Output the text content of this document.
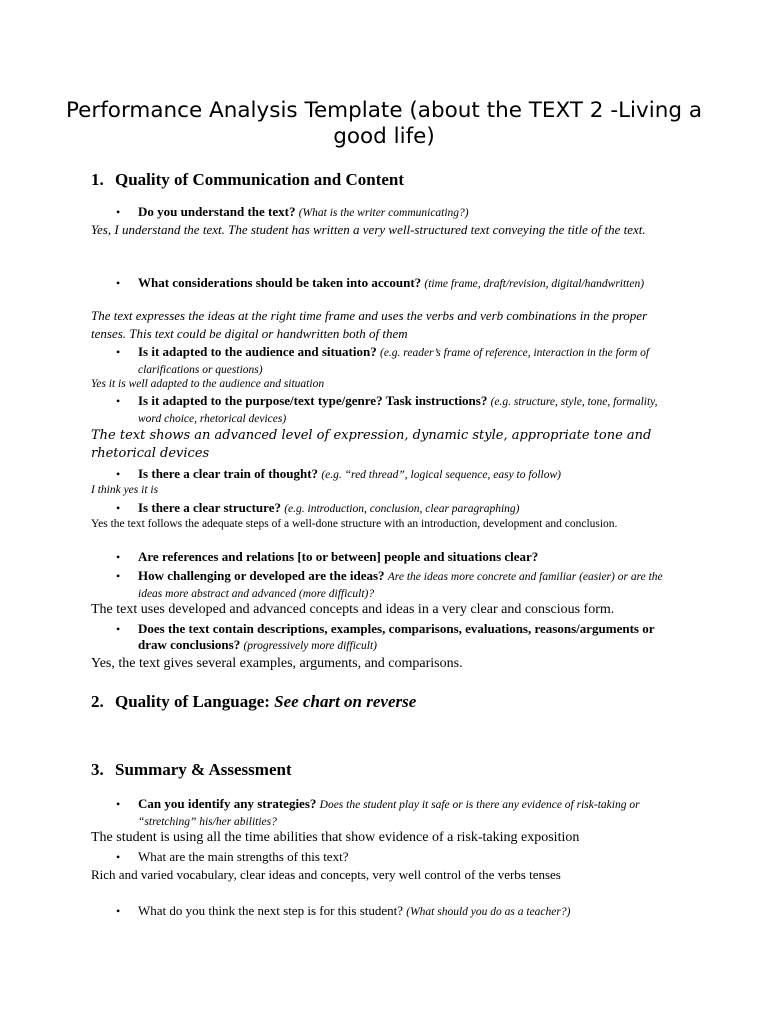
Performance Analysis Template (about the TEXT 2 -Living a good life)
1. Quality of Communication and Content
• Do you understand the text? (What is the writer communicating?)

Yes, I understand the text. The student has written a very well-structured text conveying the title of the text.

• What considerations should be taken into account? (time frame, draft/revision, digital/handwritten)

The text expresses the ideas at the right time frame and uses the verbs and verb combinations in the proper tenses. This text could be digital or handwritten both of them

• Is it adapted to the audience and situation? (e.g. reader’s frame of reference, interaction in the form of clarifications or questions)

Yes it is well adapted to the audience and situation

• Is it adapted to the purpose/text type/genre? Task instructions? (e.g. structure, style, tone, formality, word choice, rhetorical devices)

The text shows an advanced level of expression, dynamic style, appropriate tone and rhetorical devices

• Is there a clear train of thought? (e.g. “red thread”, logical sequence, easy to follow)

I think yes it is

• Is there a clear structure? (e.g. introduction, conclusion, clear paragraphing)

Yes the text follows the adequate steps of a well-done structure with an introduction, development and conclusion.

• Are references and relations [to or between] people and situations clear?
• How challenging or developed are the ideas? Are the ideas more concrete and familiar (easier) or are the ideas more abstract and advanced (more difficult)?

The text uses developed and advanced concepts and ideas in a very clear and conscious form.

• Does the text contain descriptions, examples, comparisons, evaluations, reasons/arguments or draw conclusions? (progressively more difficult)

Yes, the text gives several examples, arguments, and comparisons.

2. Quality of Language: See chart on reverse
3. Summary & Assessment
• Can you identify any strategies? Does the student play it safe or is there any evidence of risk-taking or “stretching” his/her abilities?

The student is using all the time abilities that show evidence of a risk-taking exposition

• What are the main strengths of this text?

Rich and varied vocabulary, clear ideas and concepts, very well control of the verbs tenses

• What do you think the next step is for this student? (What should you do as a teacher?)
